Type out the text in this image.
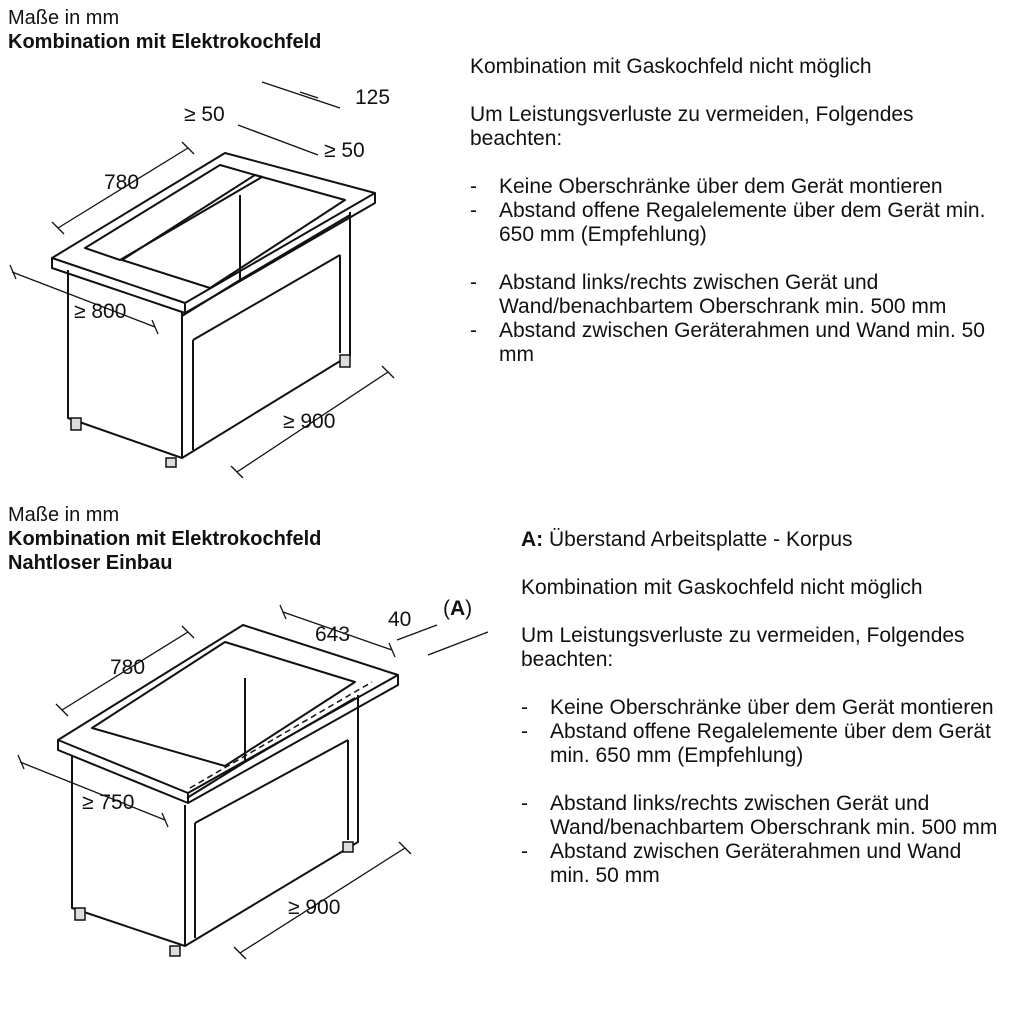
Maße in mm
Kombination mit Elektrokochfeld
780
≥ 800
≥ 900
≥ 50
125
≥ 50

Kombination mit Gaskochfeld nicht möglich

Um Leistungsverluste zu vermeiden, Folgendes beachten:

-	Keine Oberschränke über dem Gerät montieren
-	Abstand offene Regalelemente über dem Gerät min. 650 mm (Empfehlung)
-	Abstand links/rechts zwischen Gerät und Wand/benachbartem Oberschrank min. 500 mm
-	Abstand zwischen Geräterahmen und Wand min. 50 mm
Maße in mm
Kombination mit Elektrokochfeld
Nahtloser Einbau
780
≥ 750
≥ 900
643
40 (A)

A: Überstand Arbeitsplatte - Korpus

Kombination mit Gaskochfeld nicht möglich

Um Leistungsverluste zu vermeiden, Folgendes beachten:

-	Keine Oberschränke über dem Gerät montieren
-	Abstand offene Regalelemente über dem Gerät min. 650 mm (Empfehlung)
-	Abstand links/rechts zwischen Gerät und Wand/benachbartem Oberschrank min. 500 mm
-	Abstand zwischen Geräterahmen und Wand min. 50 mm
